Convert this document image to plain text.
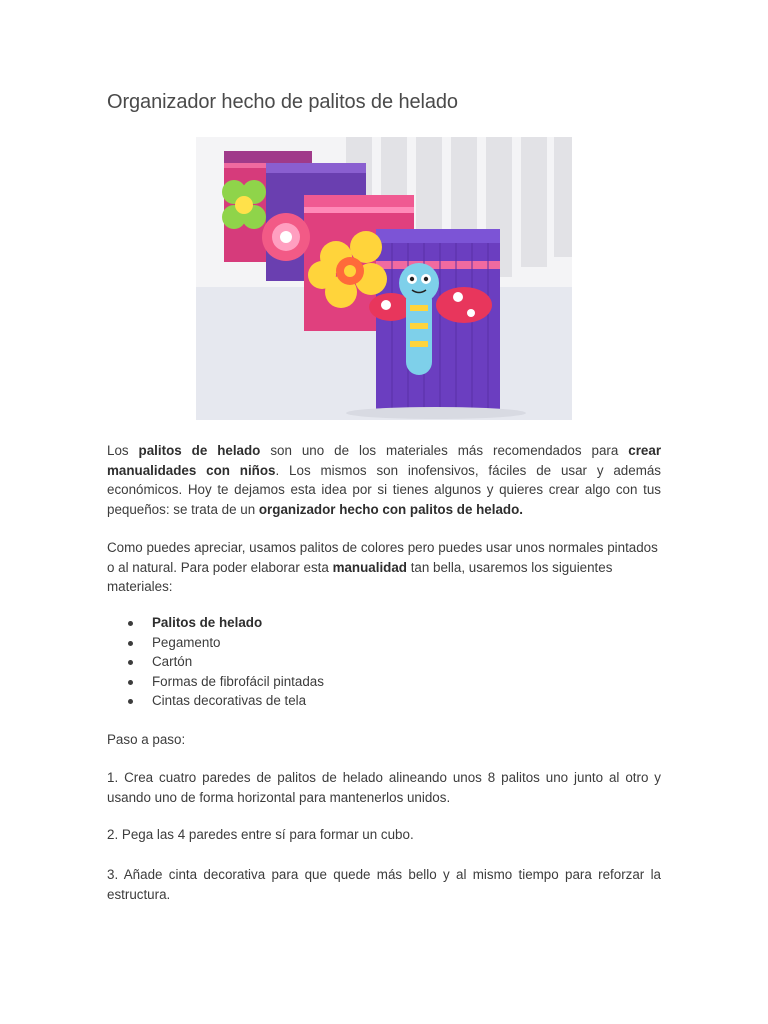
Organizador hecho de palitos de helado
Los palitos de helado son uno de los materiales más recomendados para crear manualidades con niños. Los mismos son inofensivos, fáciles de usar y además económicos. Hoy te dejamos esta idea por si tienes algunos y quieres crear algo con tus pequeños: se trata de un organizador hecho con palitos de helado.
Como puedes apreciar, usamos palitos de colores pero puedes usar unos normales pintados o al natural. Para poder elaborar esta manualidad tan bella, usaremos los siguientes materiales:
Palitos de helado
Pegamento
Cartón
Formas de fibrofácil pintadas
Cintas decorativas de tela
Paso a paso:
1. Crea cuatro paredes de palitos de helado alineando unos 8 palitos uno junto al otro y usando uno de forma horizontal para mantenerlos unidos.
2. Pega las 4 paredes entre sí para formar un cubo.
3. Añade cinta decorativa para que quede más bello y al mismo tiempo para reforzar la estructura.
